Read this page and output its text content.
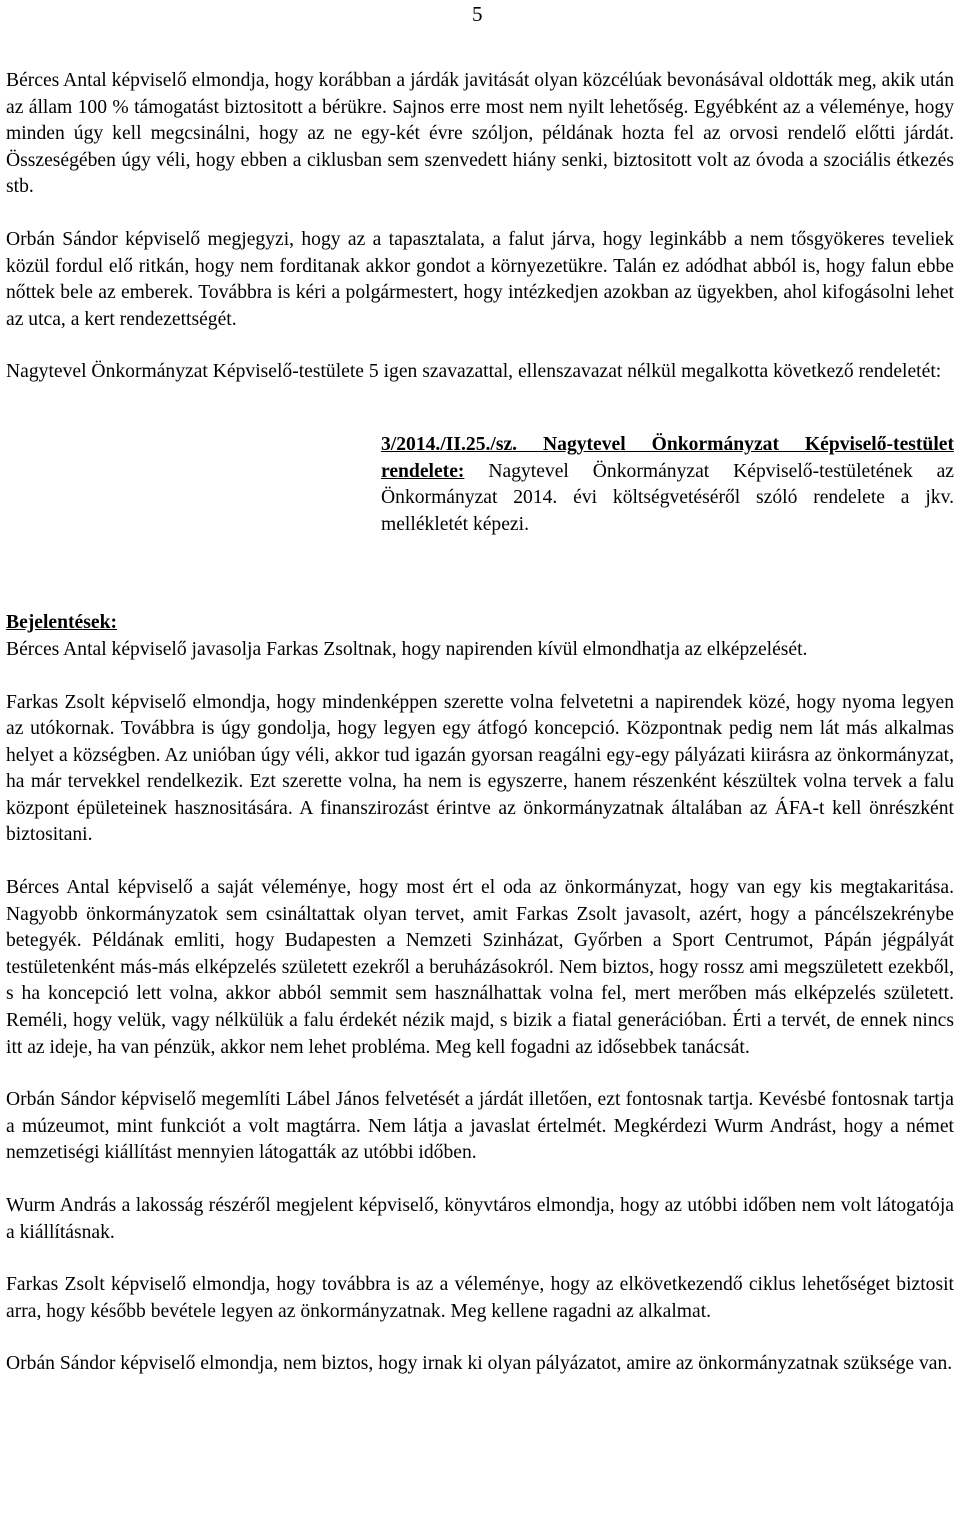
5

Bérces Antal képviselő elmondja, hogy korábban a járdák javitását olyan közcélúak bevonásával oldották meg, akik után az állam 100 % támogatást biztositott a bérükre. Sajnos erre most nem nyilt lehetőség. Egyébként az a véleménye, hogy minden úgy kell megcsinálni, hogy az ne egy-két évre szóljon, példának hozta fel az orvosi rendelő előtti járdát. Összeségében úgy véli, hogy ebben a ciklusban sem szenvedett hiány senki, biztositott volt az óvoda a szociális étkezés stb.

Orbán Sándor képviselő megjegyzi, hogy az a tapasztalata, a falut járva, hogy leginkább a nem tősgyökeres teveliek közül fordul elő ritkán, hogy nem forditanak akkor gondot a környezetükre. Talán ez adódhat abból is, hogy falun ebbe nőttek bele az emberek. Továbbra is kéri a polgármestert, hogy intézkedjen azokban az ügyekben, ahol kifogásolni lehet az utca, a kert rendezettségét.

Nagytevel Önkormányzat Képviselő-testülete 5 igen szavazattal, ellenszavazat nélkül megalkotta következő rendeletét:

3/2014./II.25./sz. Nagytevel Önkormányzat Képviselő-testület rendelete: Nagytevel Önkormányzat Képviselő-testületének az Önkormányzat 2014. évi költségvetéséről szóló rendelete a jkv. mellékletét képezi.

Bejelentések:

Bérces Antal képviselő javasolja Farkas Zsoltnak, hogy napirenden kívül elmondhatja az elképzelését.

Farkas Zsolt képviselő elmondja, hogy mindenképpen szerette volna felvetetni a napirendek közé, hogy nyoma legyen az utókornak. Továbbra is úgy gondolja, hogy legyen egy átfogó koncepció. Központnak pedig nem lát más alkalmas helyet a községben. Az unióban úgy véli, akkor tud igazán gyorsan reagálni egy-egy pályázati kiirásra az önkormányzat, ha már tervekkel rendelkezik. Ezt szerette volna, ha nem is egyszerre, hanem részenként készültek volna tervek a falu központ épületeinek hasznositására. A finanszirozást érintve az önkormányzatnak általában az ÁFA-t kell önrészként biztositani.

Bérces Antal képviselő a saját véleménye, hogy most ért el oda az önkormányzat, hogy van egy kis megtakaritása. Nagyobb önkormányzatok sem csináltattak olyan tervet, amit Farkas Zsolt javasolt, azért, hogy a páncélszekrénybe betegyék. Példának emliti, hogy Budapesten a Nemzeti Szinházat, Győrben a Sport Centrumot, Pápán jégpályát testületenként más-más elképzelés született ezekről a beruházásokról. Nem biztos, hogy rossz ami megszületett ezekből, s ha koncepció lett volna, akkor abból semmit sem használhattak volna fel, mert merőben más elképzelés született. Reméli, hogy velük, vagy nélkülük a falu érdekét nézik majd, s bizik a fiatal generációban. Érti a tervét, de ennek nincs itt az ideje, ha van pénzük, akkor nem lehet probléma. Meg kell fogadni az idősebbek tanácsát.

Orbán Sándor képviselő megemlíti Lábel János felvetését a járdát illetően, ezt fontosnak tartja. Kevésbé fontosnak tartja a múzeumot, mint funkciót a volt magtárra. Nem látja a javaslat értelmét. Megkérdezi Wurm Andrást, hogy a német nemzetiségi kiállítást mennyien látogatták az utóbbi időben.

Wurm András a lakosság részéről megjelent képviselő, könyvtáros elmondja, hogy az utóbbi időben nem volt látogatója a kiállításnak.

Farkas Zsolt képviselő elmondja, hogy továbbra is az a véleménye, hogy az elkövetkezendő ciklus lehetőséget biztosit arra, hogy később bevétele legyen az önkormányzatnak. Meg kellene ragadni az alkalmat.

Orbán Sándor képviselő elmondja, nem biztos, hogy irnak ki olyan pályázatot, amire az önkormányzatnak szüksége van.
